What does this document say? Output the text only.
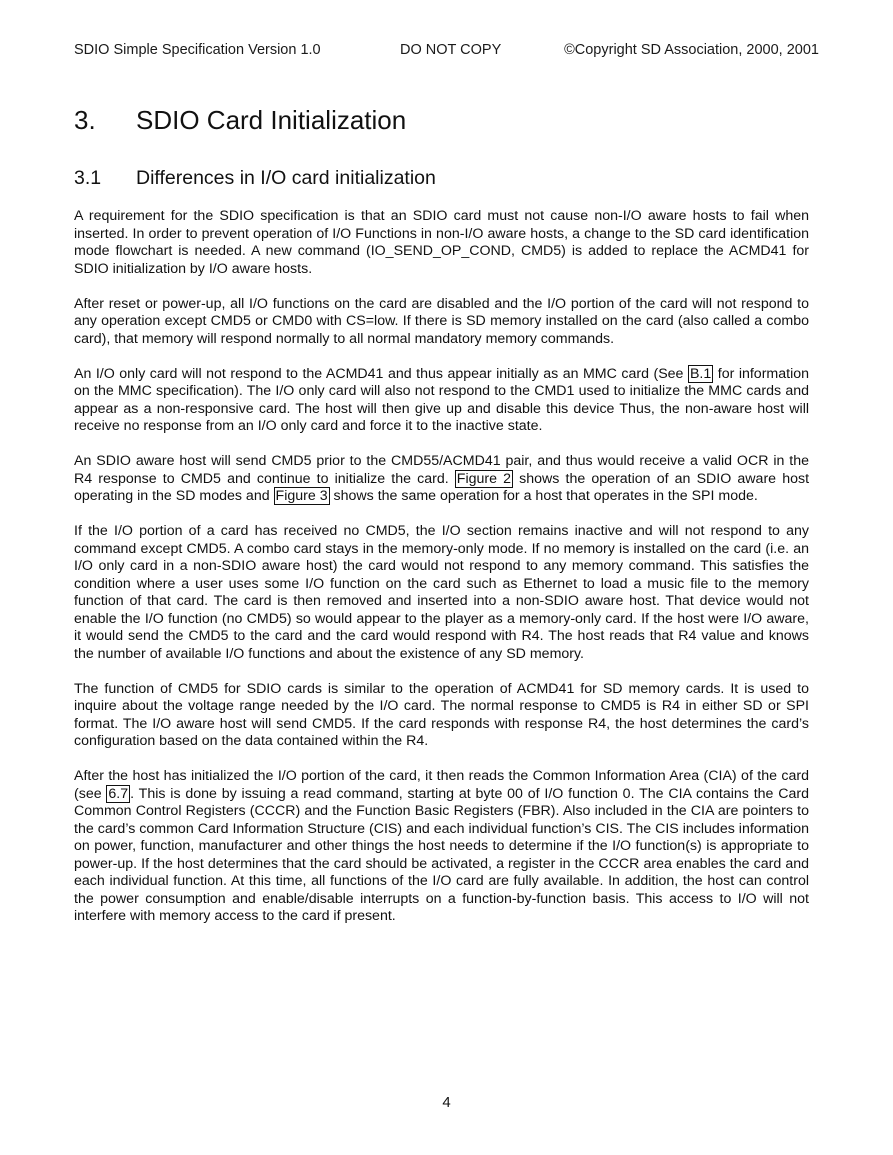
SDIO Simple Specification Version 1.0	DO NOT COPY	©Copyright SD Association, 2000, 2001
3. SDIO Card Initialization
3.1 Differences in I/O card initialization

A requirement for the SDIO specification is that an SDIO card must not cause non-I/O aware hosts to fail when inserted. In order to prevent operation of I/O Functions in non-I/O aware hosts, a change to the SD card identification mode flowchart is needed. A new command (IO_SEND_OP_COND, CMD5) is added to replace the ACMD41 for SDIO initialization by I/O aware hosts.

After reset or power-up, all I/O functions on the card are disabled and the I/O portion of the card will not respond to any operation except CMD5 or CMD0 with CS=low. If there is SD memory installed on the card (also called a combo card), that memory will respond normally to all normal mandatory memory commands.

An I/O only card will not respond to the ACMD41 and thus appear initially as an MMC card (See B.1 for information on the MMC specification). The I/O only card will also not respond to the CMD1 used to initialize the MMC cards and appear as a non-responsive card. The host will then give up and disable this device Thus, the non-aware host will receive no response from an I/O only card and force it to the inactive state.

An SDIO aware host will send CMD5 prior to the CMD55/ACMD41 pair, and thus would receive a valid OCR in the R4 response to CMD5 and continue to initialize the card. Figure 2 shows the operation of an SDIO aware host operating in the SD modes and Figure 3 shows the same operation for a host that operates in the SPI mode.

If the I/O portion of a card has received no CMD5, the I/O section remains inactive and will not respond to any command except CMD5. A combo card stays in the memory-only mode. If no memory is installed on the card (i.e. an I/O only card in a non-SDIO aware host) the card would not respond to any memory command. This satisfies the condition where a user uses some I/O function on the card such as Ethernet to load a music file to the memory function of that card. The card is then removed and inserted into a non-SDIO aware host. That device would not enable the I/O function (no CMD5) so would appear to the player as a memory-only card. If the host were I/O aware, it would send the CMD5 to the card and the card would respond with R4. The host reads that R4 value and knows the number of available I/O functions and about the existence of any SD memory.

The function of CMD5 for SDIO cards is similar to the operation of ACMD41 for SD memory cards. It is used to inquire about the voltage range needed by the I/O card. The normal response to CMD5 is R4 in either SD or SPI format. The I/O aware host will send CMD5. If the card responds with response R4, the host determines the card’s configuration based on the data contained within the R4.

After the host has initialized the I/O portion of the card, it then reads the Common Information Area (CIA) of the card (see 6.7 . This is done by issuing a read command, starting at byte 00 of I/O function 0. The CIA contains the Card Common Control Registers (CCCR) and the Function Basic Registers (FBR). Also included in the CIA are pointers to the card’s common Card Information Structure (CIS) and each individual function’s CIS. The CIS includes information on power, function, manufacturer and other things the host needs to determine if the I/O function(s) is appropriate to power-up. If the host determines that the card should be activated, a register in the CCCR area enables the card and each individual function. At this time, all functions of the I/O card are fully available. In addition, the host can control the power consumption and enable/disable interrupts on a function-by-function basis. This access to I/O will not interfere with memory access to the card if present.

4
